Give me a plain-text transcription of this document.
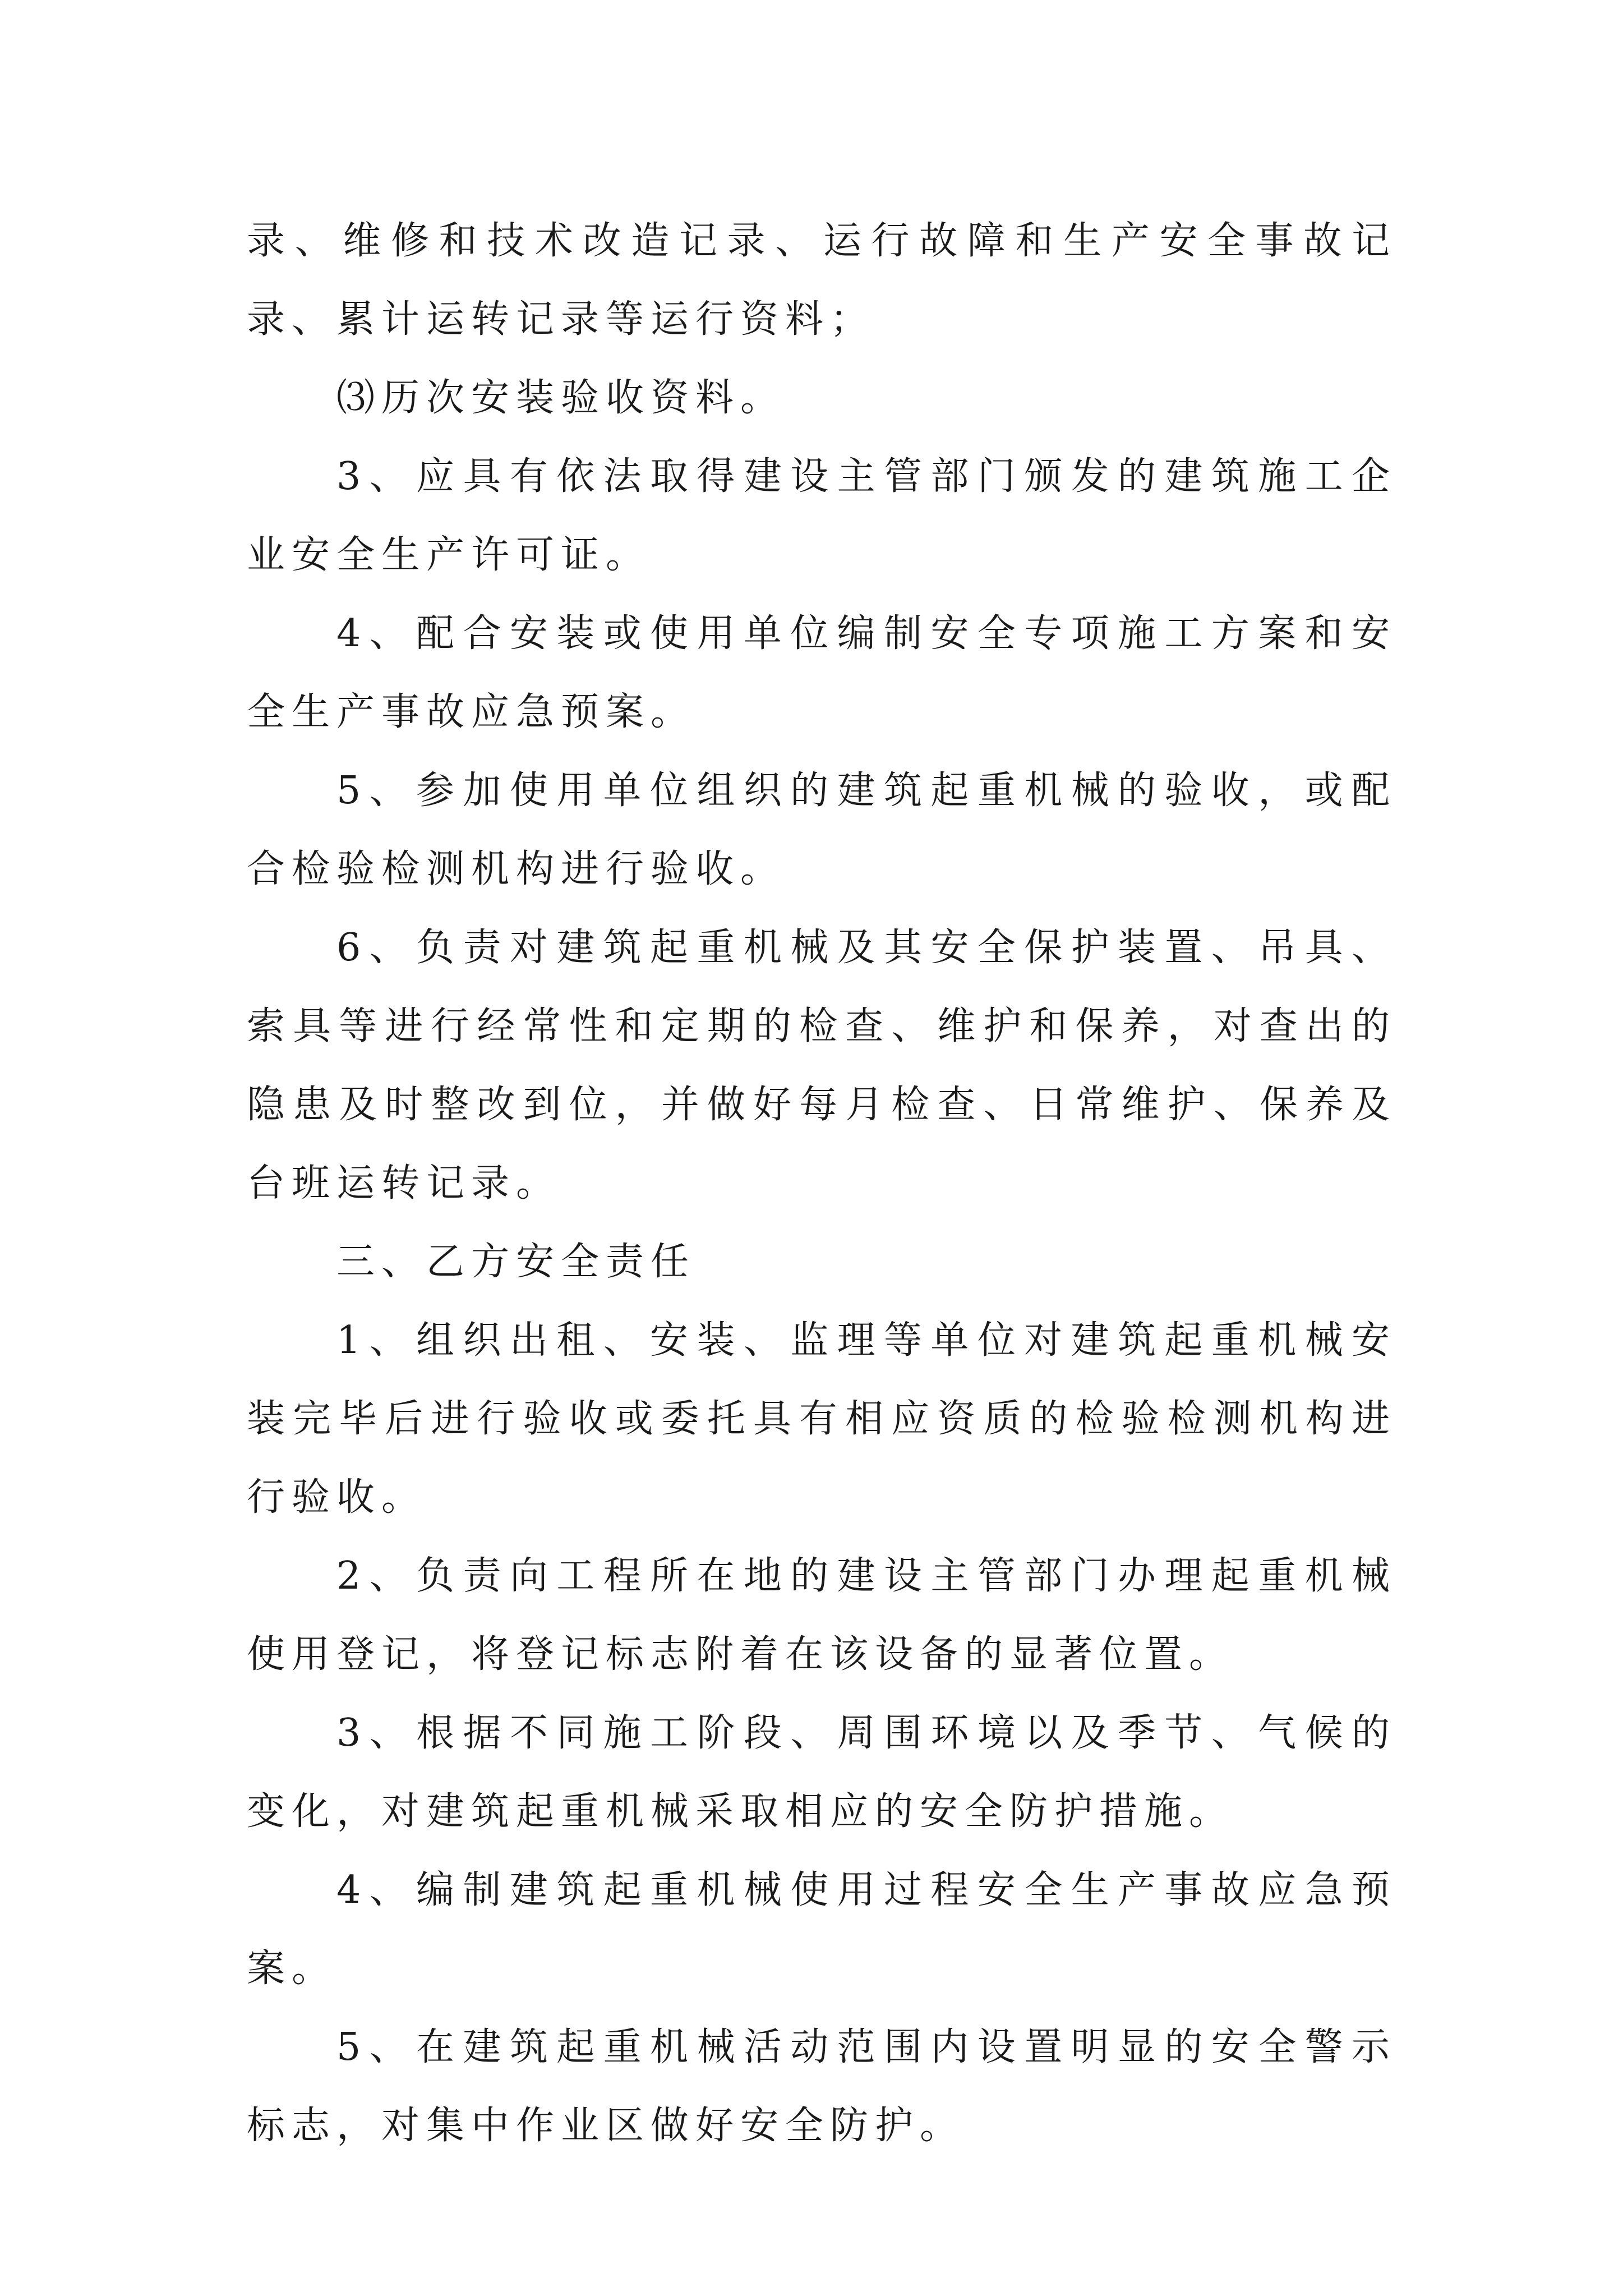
录、维修和技术改造记录、运行故障和生产安全事故记录、累计运转记录等运行资料；

⑶历次安装验收资料。

3、应具有依法取得建设主管部门颁发的建筑施工企业安全生产许可证。

4、配合安装或使用单位编制安全专项施工方案和安全生产事故应急预案。

5、参加使用单位组织的建筑起重机械的验收，或配合检验检测机构进行验收。

6、负责对建筑起重机械及其安全保护装置、吊具、索具等进行经常性和定期的检查、维护和保养，对查出的隐患及时整改到位，并做好每月检查、日常维护、保养及台班运转记录。

三、乙方安全责任

1、组织出租、安装、监理等单位对建筑起重机械安装完毕后进行验收或委托具有相应资质的检验检测机构进行验收。

2、负责向工程所在地的建设主管部门办理起重机械使用登记，将登记标志附着在该设备的显著位置。

3、根据不同施工阶段、周围环境以及季节、气候的变化，对建筑起重机械采取相应的安全防护措施。

4、编制建筑起重机械使用过程安全生产事故应急预案。

5、在建筑起重机械活动范围内设置明显的安全警示标志，对集中作业区做好安全防护。
